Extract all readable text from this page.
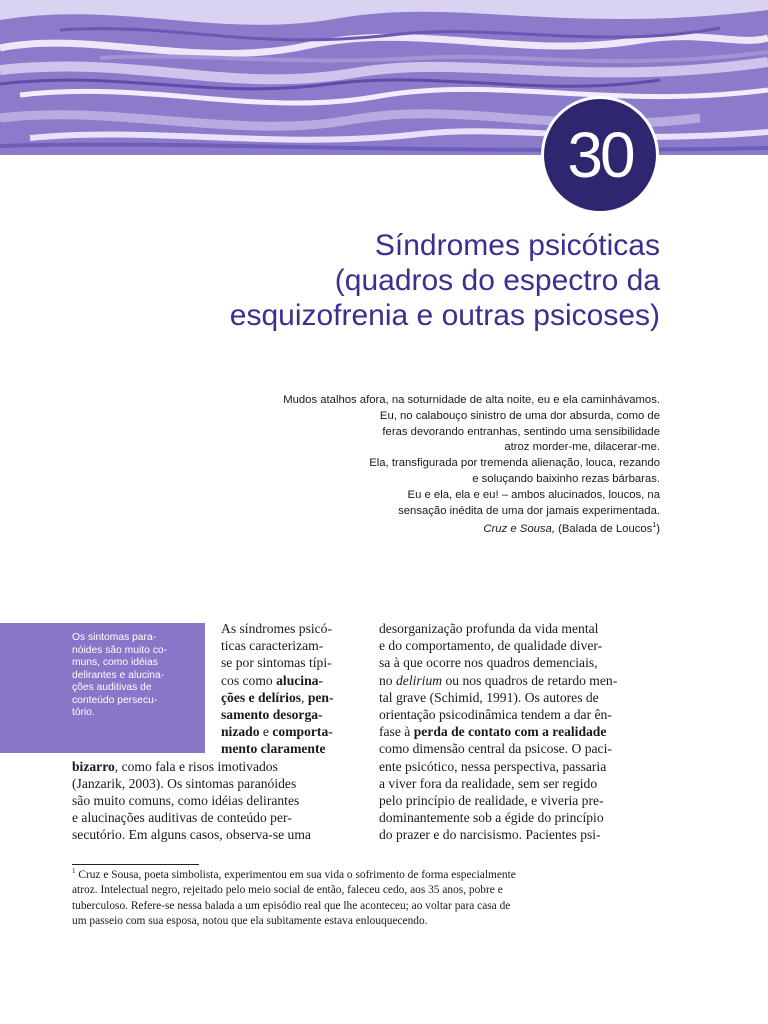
30
Síndromes psicóticas
(quadros do espectro da
esquizofrenia e outras psicoses)
Mudos atalhos afora, na soturnidade de alta noite, eu e ela caminhávamos.
Eu, no calabouço sinistro de uma dor absurda, como de
feras devorando entranhas, sentindo uma sensibilidade
atroz morder-me, dilacerar-me.
Ela, transfigurada por tremenda alienação, louca, rezando
e soluçando baixinho rezas bárbaras.
Eu e ela, ela e eu! – ambos alucinados, loucos, na
sensação inédita de uma dor jamais experimentada.
Cruz e Sousa, (Balada de Loucos$^1$)
Os sintomas para-
nóides são muito co-
muns, como idéias
delirantes e alucina-
ções auditivas de
conteúdo persecu-
tório.
As síndromes psicó-
ticas caracterizam-
se por sintomas típi-
cos como alucina-
ções e delírios, pen-
samento desorga-
nizado e comporta-
mento claramente
bizarro, como fala e risos imotivados
(Janzarik, 2003). Os sintomas paranóides
são muito comuns, como idéias delirantes
e alucinações auditivas de conteúdo per-
secutório. Em alguns casos, observa-se uma
desorganização profunda da vida mental
e do comportamento, de qualidade diver-
sa à que ocorre nos quadros demenciais,
no delirium ou nos quadros de retardo men-
tal grave (Schimid, 1991). Os autores de
orientação psicodinâmica tendem a dar ên-
fase à perda de contato com a realidade
como dimensão central da psicose. O paci-
ente psicótico, nessa perspectiva, passaria
a viver fora da realidade, sem ser regido
pelo princípio de realidade, e viveria pre-
dominantemente sob a égide do princípio
do prazer e do narcisismo. Pacientes psi-
$^1$ Cruz e Sousa, poeta simbolista, experimentou em sua vida o sofrimento de forma especialmente
atroz. Intelectual negro, rejeitado pelo meio social de então, faleceu cedo, aos 35 anos, pobre e
tuberculoso. Refere-se nessa balada a um episódio real que lhe aconteceu; ao voltar para casa de
um passeio com sua esposa, notou que ela subitamente estava enlouquecendo.
